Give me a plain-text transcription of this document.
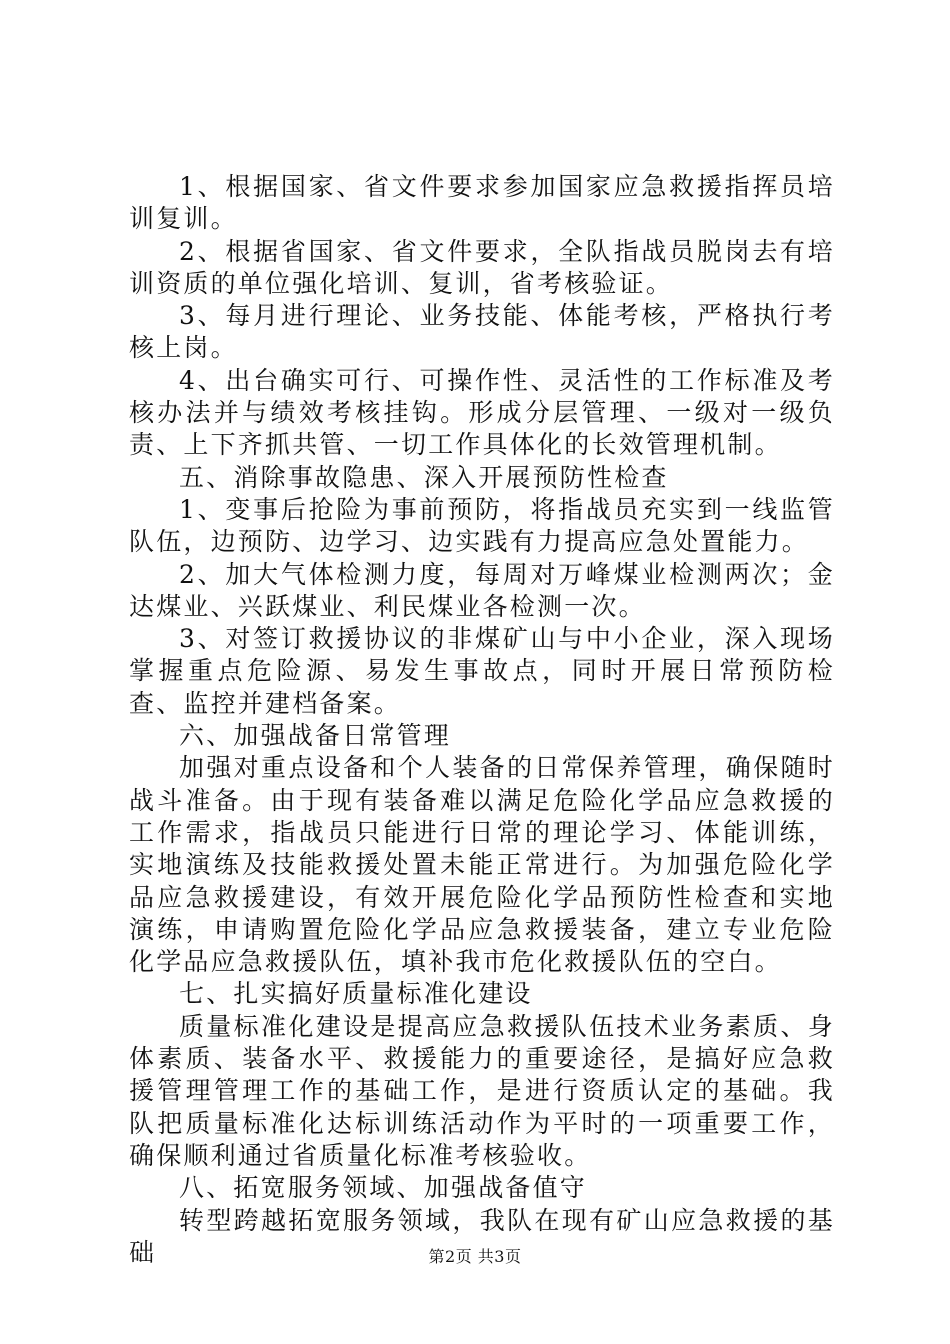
1、根据国家、省文件要求参加国家应急救援指挥员培训复训。

2、根据省国家、省文件要求，全队指战员脱岗去有培训资质的单位强化培训、复训，省考核验证。

3、每月进行理论、业务技能、体能考核，严格执行考核上岗。

4、出台确实可行、可操作性、灵活性的工作标准及考核办法并与绩效考核挂钩。形成分层管理、一级对一级负责、上下齐抓共管、一切工作具体化的长效管理机制。

五、消除事故隐患、深入开展预防性检查

1、变事后抢险为事前预防，将指战员充实到一线监管队伍，边预防、边学习、边实践有力提高应急处置能力。

2、加大气体检测力度，每周对万峰煤业检测两次；金达煤业、兴跃煤业、利民煤业各检测一次。

3、对签订救援协议的非煤矿山与中小企业，深入现场掌握重点危险源、易发生事故点，同时开展日常预防检查、监控并建档备案。

六、加强战备日常管理

加强对重点设备和个人装备的日常保养管理，确保随时战斗准备。由于现有装备难以满足危险化学品应急救援的工作需求，指战员只能进行日常的理论学习、体能训练，实地演练及技能救援处置未能正常进行。为加强危险化学品应急救援建设，有效开展危险化学品预防性检查和实地演练，申请购置危险化学品应急救援装备，建立专业危险化学品应急救援队伍，填补我市危化救援队伍的空白。

七、扎实搞好质量标准化建设

质量标准化建设是提高应急救援队伍技术业务素质、身体素质、装备水平、救援能力的重要途径，是搞好应急救援管理管理工作的基础工作，是进行资质认定的基础。我队把质量标准化达标训练活动作为平时的一项重要工作，确保顺利通过省质量化标准考核验收。

八、拓宽服务领域、加强战备值守

转型跨越拓宽服务领域，我队在现有矿山应急救援的基础	第2页 共3页
